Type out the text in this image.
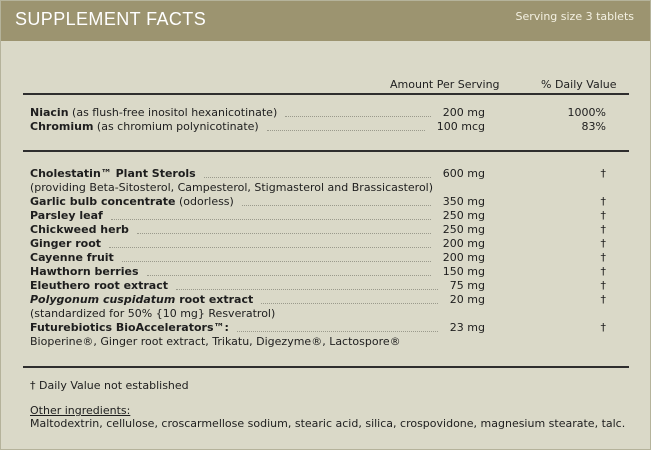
SUPPLEMENT FACTS	Serving size 3 tablets
Amount Per Serving	% Daily Value
Niacin (as flush-free inositol hexanicotinate)	200 mg	1000%
Chromium (as chromium polynicotinate)	100 mcg	83%
Cholestatin™ Plant Sterols	600 mg	†
(providing Beta-Sitosterol, Campesterol, Stigmasterol and Brassicasterol)
Garlic bulb concentrate (odorless)	350 mg	†
Parsley leaf	250 mg	†
Chickweed herb	250 mg	†
Ginger root	200 mg	†
Cayenne fruit	200 mg	†
Hawthorn berries	150 mg	†
Eleuthero root extract	75 mg	†
Polygonum cuspidatum root extract	20 mg	†
(standardized for 50% {10 mg} Resveratrol)
Futurebiotics BioAccelerators™:	23 mg	†
Bioperine®, Ginger root extract, Trikatu, Digezyme®, Lactospore®
† Daily Value not established
Other ingredients:
Maltodextrin, cellulose, croscarmellose sodium, stearic acid, silica, crospovidone, magnesium stearate, talc.
